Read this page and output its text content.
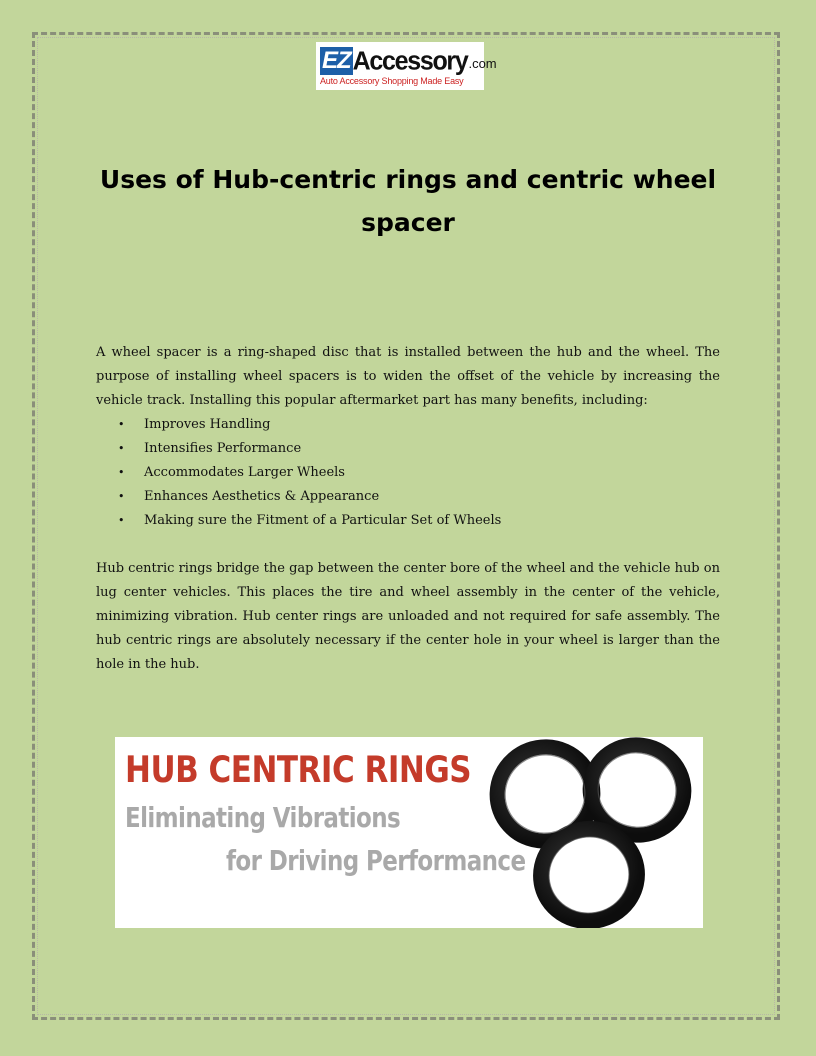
EZ Accessory .com
Auto Accessory Shopping Made Easy
Uses of Hub-centric rings and centric wheel spacer

A wheel spacer is a ring-shaped disc that is installed between the hub and the wheel. The purpose of installing wheel spacers is to widen the offset of the vehicle by increasing the vehicle track. Installing this popular aftermarket part has many benefits, including:

•	Improves Handling
•	Intensifies Performance
•	Accommodates Larger Wheels
•	Enhances Aesthetics & Appearance
•	Making sure the Fitment of a Particular Set of Wheels

Hub centric rings bridge the gap between the center bore of the wheel and the vehicle hub on lug center vehicles. This places the tire and wheel assembly in the center of the vehicle, minimizing vibration. Hub center rings are unloaded and not required for safe assembly. The hub centric rings are absolutely necessary if the center hole in your wheel is larger than the hole in the hub.

HUB CENTRIC RINGS
Eliminating Vibrations
for Driving Performance
